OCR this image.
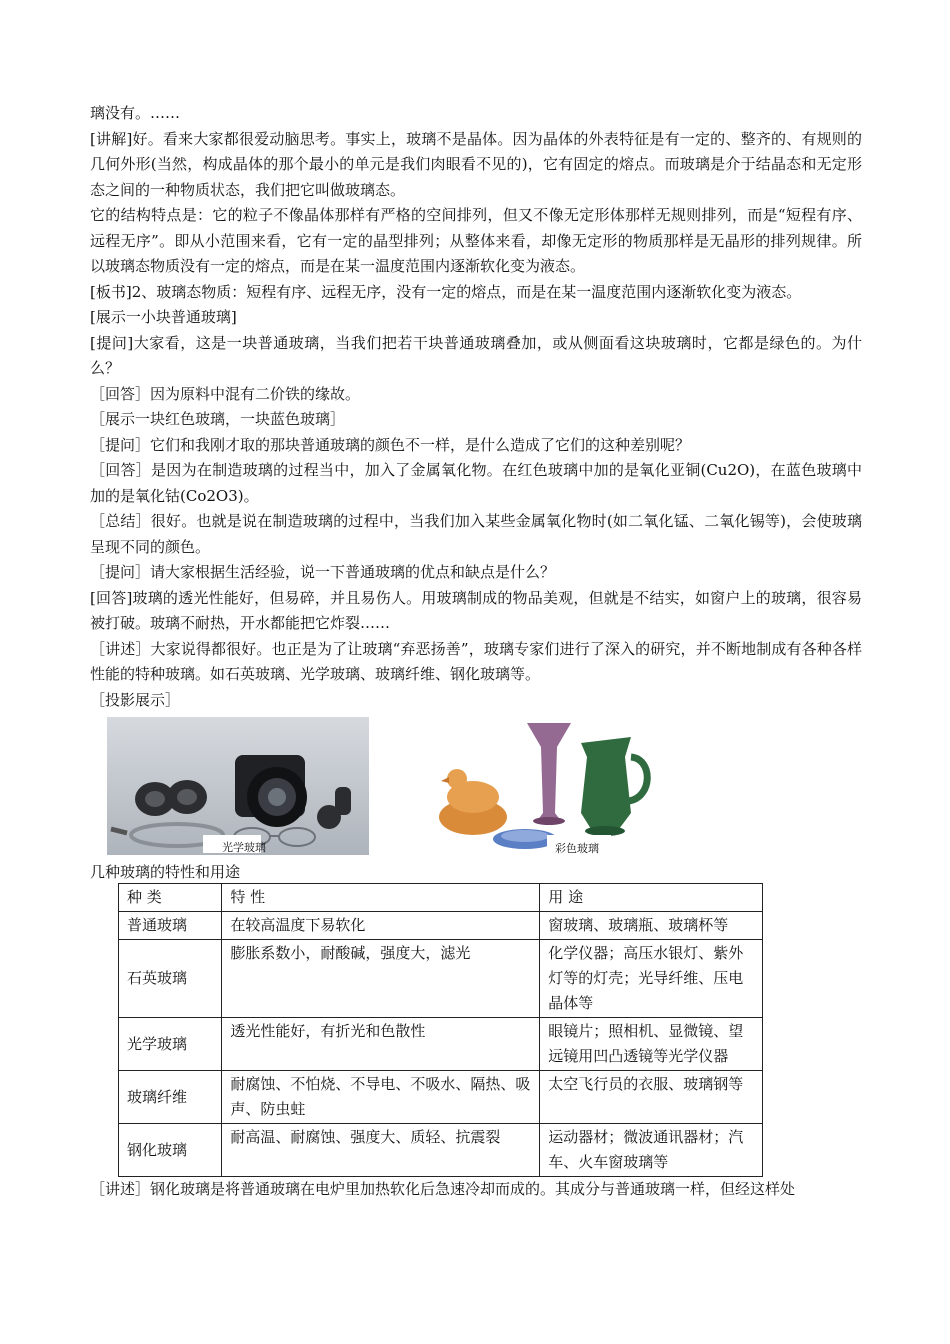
璃没有。……

[讲解]好。看来大家都很爱动脑思考。事实上，玻璃不是晶体。因为晶体的外表特征是有一定的、整齐的、有规则的几何外形(当然，构成晶体的那个最小的单元是我们肉眼看不见的)，它有固定的熔点。而玻璃是介于结晶态和无定形态之间的一种物质状态，我们把它叫做玻璃态。

它的结构特点是：它的粒子不像晶体那样有严格的空间排列，但又不像无定形体那样无规则排列，而是“短程有序、远程无序”。即从小范围来看，它有一定的晶型排列；从整体来看，却像无定形的物质那样是无晶形的排列规律。所以玻璃态物质没有一定的熔点，而是在某一温度范围内逐渐软化变为液态。

[板书]2、玻璃态物质：短程有序、远程无序，没有一定的熔点，而是在某一温度范围内逐渐软化变为液态。

[展示一小块普通玻璃]

[提问]大家看，这是一块普通玻璃，当我们把若干块普通玻璃叠加，或从侧面看这块玻璃时，它都是绿色的。为什么？

［回答］因为原料中混有二价铁的缘故。

［展示一块红色玻璃，一块蓝色玻璃］

［提问］它们和我刚才取的那块普通玻璃的颜色不一样，是什么造成了它们的这种差别呢？

［回答］是因为在制造玻璃的过程当中，加入了金属氧化物。在红色玻璃中加的是氧化亚铜(Cu2O)，在蓝色玻璃中加的是氧化钴(Co2O3)。

［总结］很好。也就是说在制造玻璃的过程中，当我们加入某些金属氧化物时(如二氧化锰、二氧化锡等)，会使玻璃呈现不同的颜色。

［提问］请大家根据生活经验，说一下普通玻璃的优点和缺点是什么？

[回答]玻璃的透光性能好，但易碎，并且易伤人。用玻璃制成的物品美观，但就是不结实，如窗户上的玻璃，很容易被打破。玻璃不耐热，开水都能把它炸裂……

［讲述］大家说得都很好。也正是为了让玻璃“弃恶扬善”，玻璃专家们进行了深入的研究，并不断地制成有各种各样性能的特种玻璃。如石英玻璃、光学玻璃、玻璃纤维、钢化玻璃等。

［投影展示］

光学玻璃	彩色玻璃

几种玻璃的特性和用途

种 类	特 性	用 途
普通玻璃	在较高温度下易软化	窗玻璃、玻璃瓶、玻璃杯等
石英玻璃	膨胀系数小，耐酸碱，强度大，滤光	化学仪器；高压水银灯、紫外灯等的灯壳；光导纤维、压电晶体等
光学玻璃	透光性能好，有折光和色散性	眼镜片；照相机、显微镜、望远镜用凹凸透镜等光学仪器
玻璃纤维	耐腐蚀、不怕烧、不导电、不吸水、隔热、吸声、防虫蛀	太空飞行员的衣服、玻璃钢等
钢化玻璃	耐高温、耐腐蚀、强度大、质轻、抗震裂	运动器材；微波通讯器材；汽车、火车窗玻璃等

［讲述］钢化玻璃是将普通玻璃在电炉里加热软化后急速冷却而成的。其成分与普通玻璃一样，但经这样处
